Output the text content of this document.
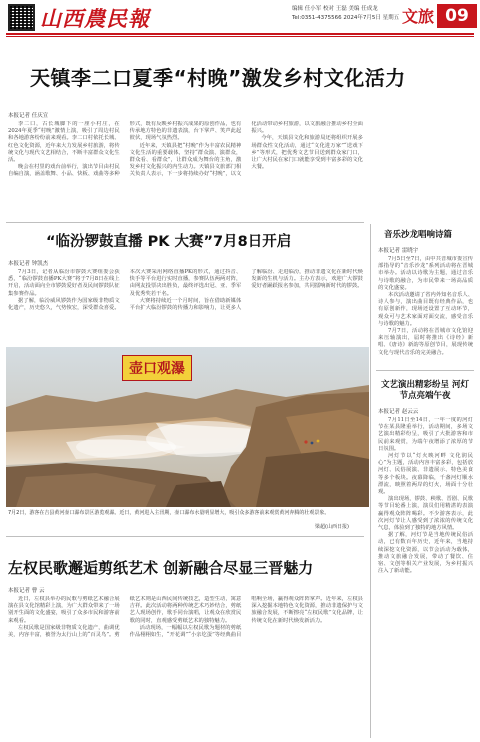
山西農民報	编辑 任小军 校对 王磊 美编 任成龙
Tel:0351-4375566 2024年7月5日 星期五 文旅 09
天镇李二口夏季“村晚”激发乡村文化活力
本报记者 任庆宣

李二口，古长城脚下的一座小村庄，在2024年夏季“村晚”激情上演，吸引了周边村民和各地游客纷纷前来观看。李二口村依托长城、红色文化资源，近年来大力发展乡村旅游，将传统文化与现代文艺相结合，不断丰富群众文化生活。

晚会在村里的戏台前举行，演出节目由村民自编自演，涵盖歌舞、小品、快板、戏曲等多种形式，既有反映乡村振兴成果的原创作品，也有传承地方特色的非遗表演，台下掌声、笑声此起彼伏，现场气氛热烈。

近年来，天镇县把“村晚”作为丰富农民精神文化生活的重要载体，坚持“群众演、演群众，群众看、看群众”，让群众成为舞台的主角，激发乡村文化振兴的内生动力。天镇县文旅部门相关负责人表示，下一步将持续办好“村晚”，以文化活动带动乡村旅游，以文旅融合推动乡村全面振兴。

今年，天镇县文化和旅游局还将组织开展多场群众性文化活动，通过“文化进万家”“送戏下乡”等形式，把优秀文艺节目送到群众家门口，让广大村民在家门口就能享受到丰富多彩的文化大餐。

“临汾锣鼓直播 PK 大赛”7月8日开启
本报记者 钟凯杰

7月3日，记者从临汾市锣鼓大赛组委会获悉，“临汾锣鼓直播PK大赛”将于7月8日在线上开启，活动面向全市锣鼓爱好者及民间锣鼓队征集参赛作品。

据了解，临汾威风锣鼓作为国家级非物质文化遗产，历史悠久，气势恢宏，深受群众喜爱。本次大赛采用网络直播PK的形式，通过抖音、快手等平台进行实时直播，参赛队伍两两对阵，由网友投票决出胜负，最终评选出冠、亚、季军及优秀奖若干名。

大赛将持续近一个月时间，旨在借助新媒体平台扩大临汾锣鼓的传播力和影响力，让更多人了解临汾、走进临汾，推动非遗文化在新时代焕发新的生机与活力。主办方表示，欢迎广大锣鼓爱好者踊跃报名参加，共同擂响新时代的锣鼓。

壶口观瀑
7月2日，游客在吉县黄河壶口瀑布景区游览观瀑。近日，黄河进入主汛期，壶口瀑布水量明显增大，吸引众多游客前来观赏黄河奔腾的壮观景象。
梁超(山西日报)
左权民歌邂逅剪纸艺术 创新融合尽显三晋魅力
本报记者 曹 云

近日，左权县举办的民歌与剪纸艺术融合展演在县文化馆精彩上演，为广大群众带来了一场别开生面的文化盛宴，吸引了众多市民和游客前来观看。

左权民歌是国家级非物质文化遗产，曲调优美，内容丰富，被誉为太行山上的“百灵鸟”。剪纸艺术则是山西民间传统技艺，造型生动，寓意吉祥。此次活动将两种传统艺术巧妙结合，剪纸艺人现场创作，歌手同台演唱，让观众在欣赏民歌的同时，直观感受剪纸艺术的独特魅力。

活动现场，一幅幅以左权民歌为题材的剪纸作品栩栩如生，“开花调”“小亲圪蛋”等经典曲目唱响全场，赢得观众阵阵掌声。近年来，左权县深入挖掘本地特色文化资源，推动非遗保护与文旅融合发展，不断擦亮“左权民歌”文化品牌，让传统文化在新时代焕发新活力。

音乐沙龙唱响诗篇
本报记者 雷晓宇

7月5日至7日，由中共晋城市委宣传部指导的“音乐沙龙”系列活动将在晋城市举办。活动以诗歌为主题，通过音乐与诗歌的融合，为市民带来一场高品质的文化盛宴。

本次活动邀请了省内外知名音乐人、诗人参与，演出曲目既有经典作品，也有原创新作，现场还设置了互动环节，观众可与艺术家面对面交流，感受音乐与诗歌的魅力。

7月7日，活动将在晋城市文化馆迎来压轴演出，届时将推出《诗经》新唱、《唐诗》新韵等原创节目，展现传统文化与现代音乐的完美融合。

文艺演出精彩纷呈 河灯节点亮端午夜
本报记者 赵云云

7月11日至14日，一年一度的河灯节在某县隆重举行，活动期间，多场文艺演出精彩纷呈，吸引了大批游客和市民前来观赏，为端午夜增添了浓厚的节日氛围。

河灯节以“灯火映河畔 文化润民心”为主题，活动内容丰富多彩，包括放河灯、民俗展演、非遗展示、特色美食等多个板块。夜幕降临，千盏河灯顺水漂流，映照着两岸的灯火，场面十分壮观。

演出现场，锣鼓、秧歌、晋剧、民歌等节目轮番上演，演员们用精湛的表演赢得观众阵阵喝彩。不少游客表示，此次河灯节让人感受到了浓浓的传统文化气息，体验到了独特的地方风情。

据了解，河灯节是当地传统民俗活动，已有数百年历史，近年来，当地持续深挖文化资源，以节会活动为载体，推动文旅融合发展，带动了餐饮、住宿、文创等相关产业发展，为乡村振兴注入了新动能。
